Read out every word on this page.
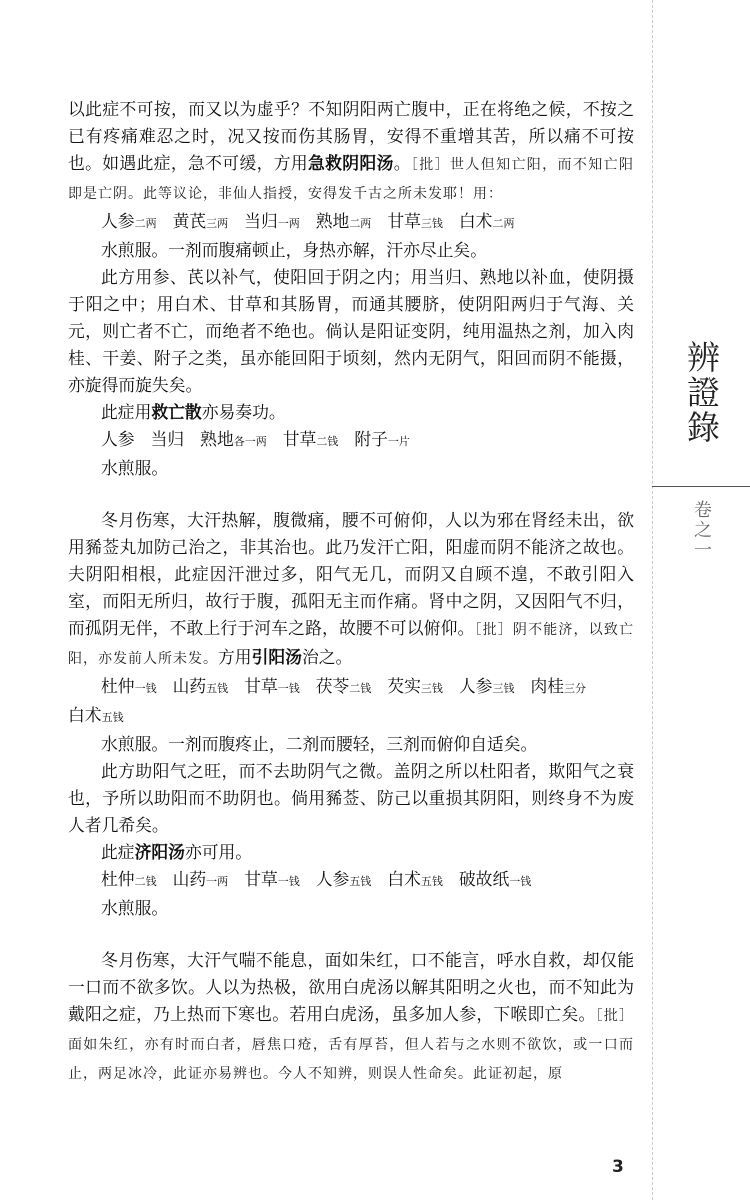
辨證錄
卷之一

以此症不可按，而又以为虚乎？不知阴阳两亡腹中，正在将绝之候，不按之已有疼痛难忍之时，况又按而伤其肠胃，安得不重增其苦，所以痛不可按也。如遇此症，急不可缓，方用急救阴阳汤。［批］世人但知亡阳，而不知亡阳即是亡阴。此等议论，非仙人指授，安得发千古之所未发耶！用：

人参二两 黄芪三两 当归一两 熟地二两 甘草三钱 白术二两

水煎服。一剂而腹痛顿止，身热亦解，汗亦尽止矣。

此方用参、芪以补气，使阳回于阴之内；用当归、熟地以补血，使阴摄于阳之中；用白术、甘草和其肠胃，而通其腰脐，使阴阳两归于气海、关元，则亡者不亡，而绝者不绝也。倘认是阳证变阴，纯用温热之剂，加入肉桂、干姜、附子之类，虽亦能回阳于顷刻，然内无阴气，阳回而阴不能摄，亦旋得而旋失矣。

此症用救亡散亦易奏功。

人参 当归 熟地各一两 甘草二钱 附子一片

水煎服。

冬月伤寒，大汗热解，腹微痛，腰不可俯仰，人以为邪在肾经未出，欲用豨莶丸加防己治之，非其治也。此乃发汗亡阳，阳虚而阴不能济之故也。夫阴阳相根，此症因汗泄过多，阳气无几，而阴又自顾不遑，不敢引阳入室，而阳无所归，故行于腹，孤阳无主而作痛。肾中之阴，又因阳气不归，而孤阴无伴，不敢上行于河车之路，故腰不可以俯仰。［批］阴不能济，以致亡阳，亦发前人所未发。方用引阳汤治之。

杜仲一钱 山药五钱 甘草一钱 茯苓二钱 芡实三钱 人参三钱 肉桂三分

白术五钱

水煎服。一剂而腹疼止，二剂而腰轻，三剂而俯仰自适矣。

此方助阳气之旺，而不去助阴气之微。盖阴之所以杜阳者，欺阳气之衰也，予所以助阳而不助阴也。倘用豨莶、防己以重损其阴阳，则终身不为废人者几希矣。

此症济阳汤亦可用。

杜仲二钱 山药一两 甘草一钱 人参五钱 白术五钱 破故纸一钱

水煎服。

冬月伤寒，大汗气喘不能息，面如朱红，口不能言，呼水自救，却仅能一口而不欲多饮。人以为热极，欲用白虎汤以解其阳明之火也，而不知此为戴阳之症，乃上热而下寒也。若用白虎汤，虽多加人参，下喉即亡矣。［批］面如朱红，亦有时而白者，唇焦口疮，舌有厚苔，但人若与之水则不欲饮，或一口而止，两足冰冷，此证亦易辨也。今人不知辨，则误人性命矣。此证初起，原

3
